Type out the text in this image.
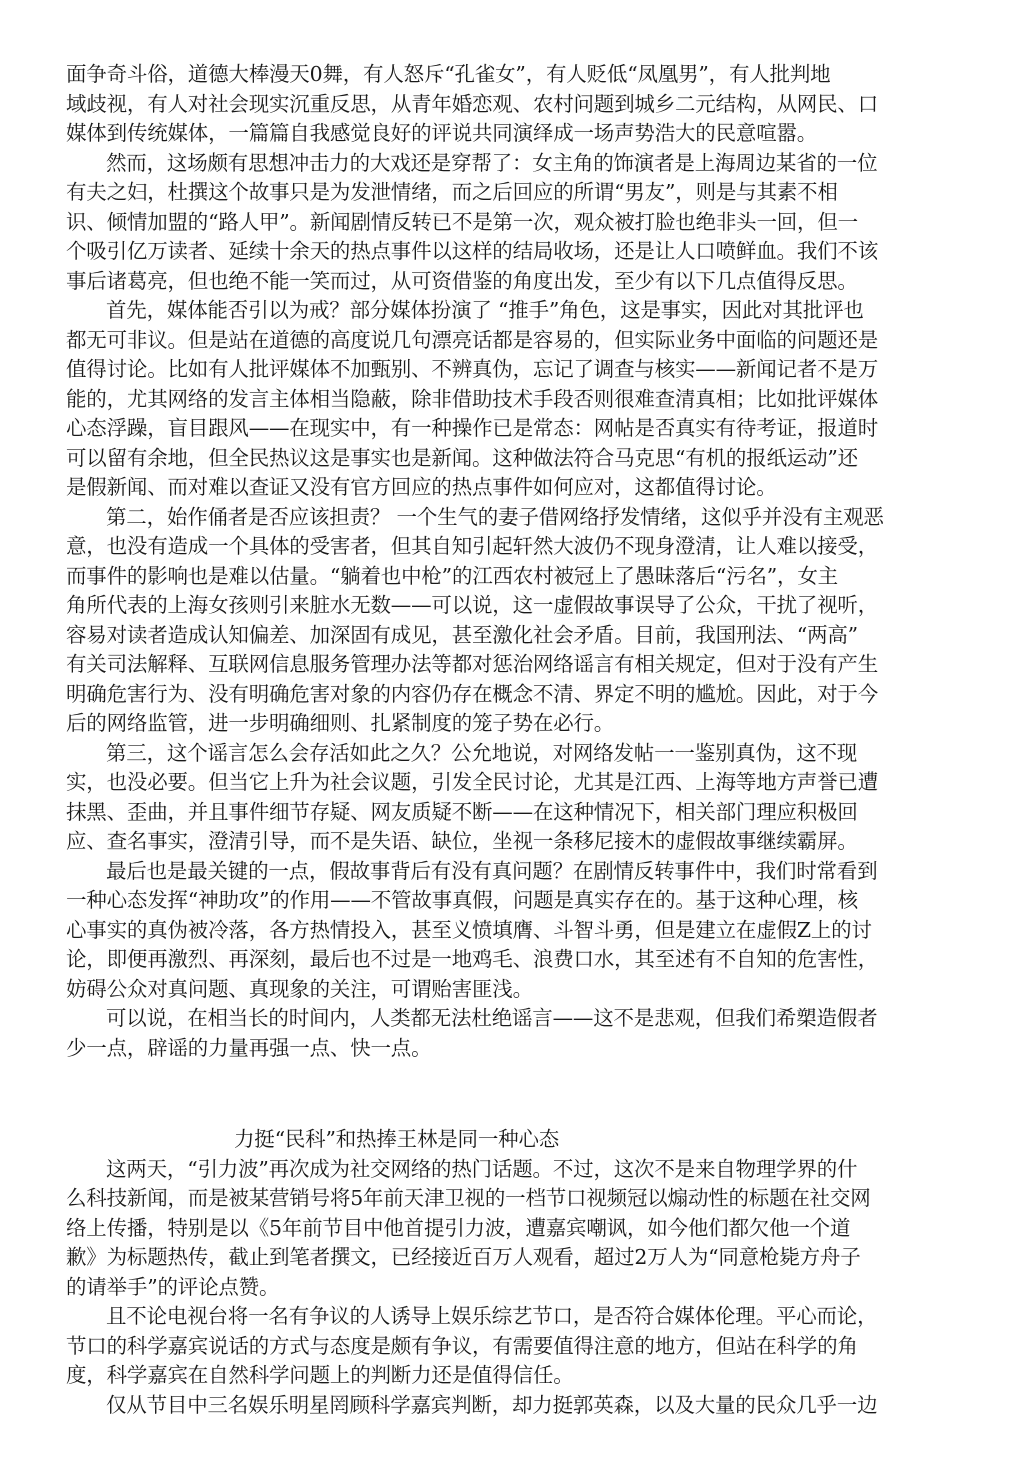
面争奇斗俗，道德大棒漫天0舞，有人怒斥“孔雀女”，有人贬低“凤凰男”，有人批判地
域歧视，有人对社会现实沉重反思，从青年婚恋观、农村问题到城乡二元结构，从网民、口
媒体到传统媒体，一篇篇自我感觉良好的评说共同演绎成一场声势浩大的民意喧嚣。
然而，这场颇有思想冲击力的大戏还是穿帮了：女主角的饰演者是上海周边某省的一位
有夫之妇，杜撰这个故事只是为发泄情绪，而之后回应的所谓“男友”，则是与其素不相
识、倾情加盟的“路人甲”。新闻剧情反转已不是第一次，观众被打脸也绝非头一回，但一
个吸引亿万读者、延续十余天的热点事件以这样的结局收场，还是让人口喷鲜血。我们不该
事后诸葛亮，但也绝不能一笑而过，从可资借鉴的角度出发，至少有以下几点值得反思。
首先，媒体能否引以为戒？部分媒体扮演了 “推手”角色，这是事实，因此对其批评也
都无可非议。但是站在道德的高度说几句漂亮话都是容易的，但实际业务中面临的问题还是
值得讨论。比如有人批评媒体不加甄别、不辨真伪，忘记了调查与核实——新闻记者不是万
能的，尤其网络的发言主体相当隐蔽，除非借助技术手段否则很难查清真相；比如批评媒体
心态浮躁，盲目跟风——在现实中，有一种操作已是常态：网帖是否真实有待考证，报道时
可以留有余地，但全民热议这是事实也是新闻。这种做法符合马克思“有机的报纸运动”还
是假新闻、而对难以查证又没有官方回应的热点事件如何应对，这都值得讨论。
第二，始作俑者是否应该担责？ 一个生气的妻子借网络抒发情绪，这似乎并没有主观恶
意，也没有造成一个具体的受害者，但其自知引起轩然大波仍不现身澄清，让人难以接受，
而事件的影响也是难以估量。“躺着也中枪”的江西农村被冠上了愚昧落后“污名”，女主
角所代表的上海女孩则引来脏水无数——可以说，这一虚假故事误导了公众，干扰了视听，
容易对读者造成认知偏差、加深固有成见，甚至激化社会矛盾。目前，我国刑法、“两高”
有关司法解释、互联网信息服务管理办法等都对惩治网络谣言有相关规定，但对于没有产生
明确危害行为、没有明确危害对象的内容仍存在概念不清、界定不明的尴尬。因此，对于今
后的网络监管，进一步明确细则、扎紧制度的笼子势在必行。
第三，这个谣言怎么会存活如此之久？公允地说，对网络发帖一一鉴别真伪，这不现
实，也没必要。但当它上升为社会议题，引发全民讨论，尤其是江西、上海等地方声誉已遭
抹黑、歪曲，并且事件细节存疑、网友质疑不断——在这种情况下，相关部门理应积极回
应、查名事实，澄清引导，而不是失语、缺位，坐视一条移尼接木的虚假故事继续霸屏。
最后也是最关键的一点，假故事背后有没有真问题？在剧情反转事件中，我们时常看到
一种心态发挥“神助攻”的作用——不管故事真假，问题是真实存在的。基于这种心理，核
心事实的真伪被冷落，各方热情投入，甚至义愤填膺、斗智斗勇，但是建立在虚假Z上的讨
论，即便再激烈、再深刻，最后也不过是一地鸡毛、浪费口水，其至述有不自知的危害性，
妨碍公众对真问题、真现象的关注，可谓贻害匪浅。
可以说，在相当长的时间内，人类都无法杜绝谣言——这不是悲观，但我们希槊造假者
少一点，辟谣的力量再强一点、快一点。
力挺“民科”和热捧王林是同一种心态
这两天，“引力波”再次成为社交网络的热门话题。不过，这次不是来自物理学界的什
么科技新闻，而是被某营销号将5年前天津卫视的一档节口视频冠以煽动性的标题在社交网
络上传播，特别是以《5年前节目中他首提引力波，遭嘉宾嘲讽，如今他们都欠他一个道
歉》为标题热传，截止到笔者撰文，已经接近百万人观看，超过2万人为“同意枪毙方舟子
的请举手”的评论点赞。
且不论电视台将一名有争议的人诱导上娱乐综艺节口，是否符合媒体伦理。平心而论，
节口的科学嘉宾说话的方式与态度是颇有争议，有需要值得注意的地方，但站在科学的角
度，科学嘉宾在自然科学问题上的判断力还是值得信任。
仅从节目中三名娱乐明星罔顾科学嘉宾判断，却力挺郭英森，以及大量的民众几乎一边
